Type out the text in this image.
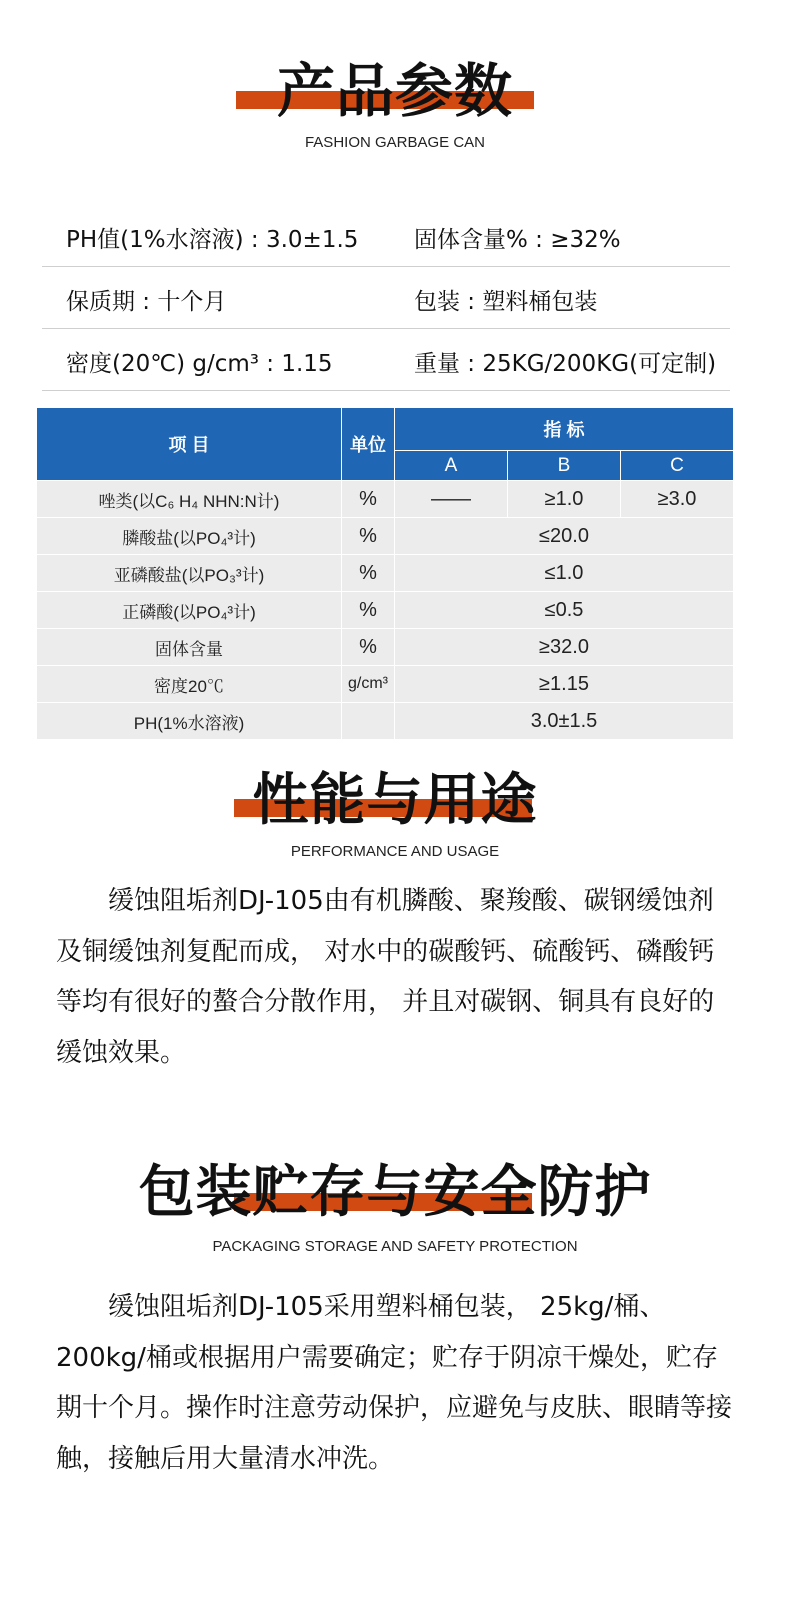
产品参数
FASHION GARBAGE CAN
PH值(1%水溶液) : 3.0±1.5 固体含量% : ≥32%
保质期 : 十个月	包装 : 塑料桶包装
密度(20℃) g/cm³ : 1.15	重量 : 25KG/200KG(可定制)
项 目	单位	指 标		
		A	B	C
唑类(以C₆ H₄ NHN:N计)	%	——	≥1.0	≥3.0
膦酸盐(以PO₄³计)	%	≤20.0		
亚磷酸盐(以PO₃³计)	%	≤1.0		
正磷酸(以PO₄³计)	%	≤0.5		
固体含量	%	≥32.0		
密度20℃	g/cm³	≥1.15		
PH(1%水溶液)		3.0±1.5		
性能与用途
PERFORMANCE AND USAGE
缓蚀阻垢剂DJ-105由有机膦酸、聚羧酸、碳钢缓蚀剂及铜缓蚀剂复配而成， 对水中的碳酸钙、硫酸钙、磷酸钙等均有很好的螯合分散作用， 并且对碳钢、铜具有良好的缓蚀效果。
包装贮存与安全防护
PACKAGING STORAGE AND SAFETY PROTECTION
缓蚀阻垢剂DJ-105采用塑料桶包装， 25kg/桶、200kg/桶或根据用户需要确定；贮存于阴凉干燥处，贮存期十个月。操作时注意劳动保护，应避免与皮肤、眼睛等接触，接触后用大量清水冲洗。
